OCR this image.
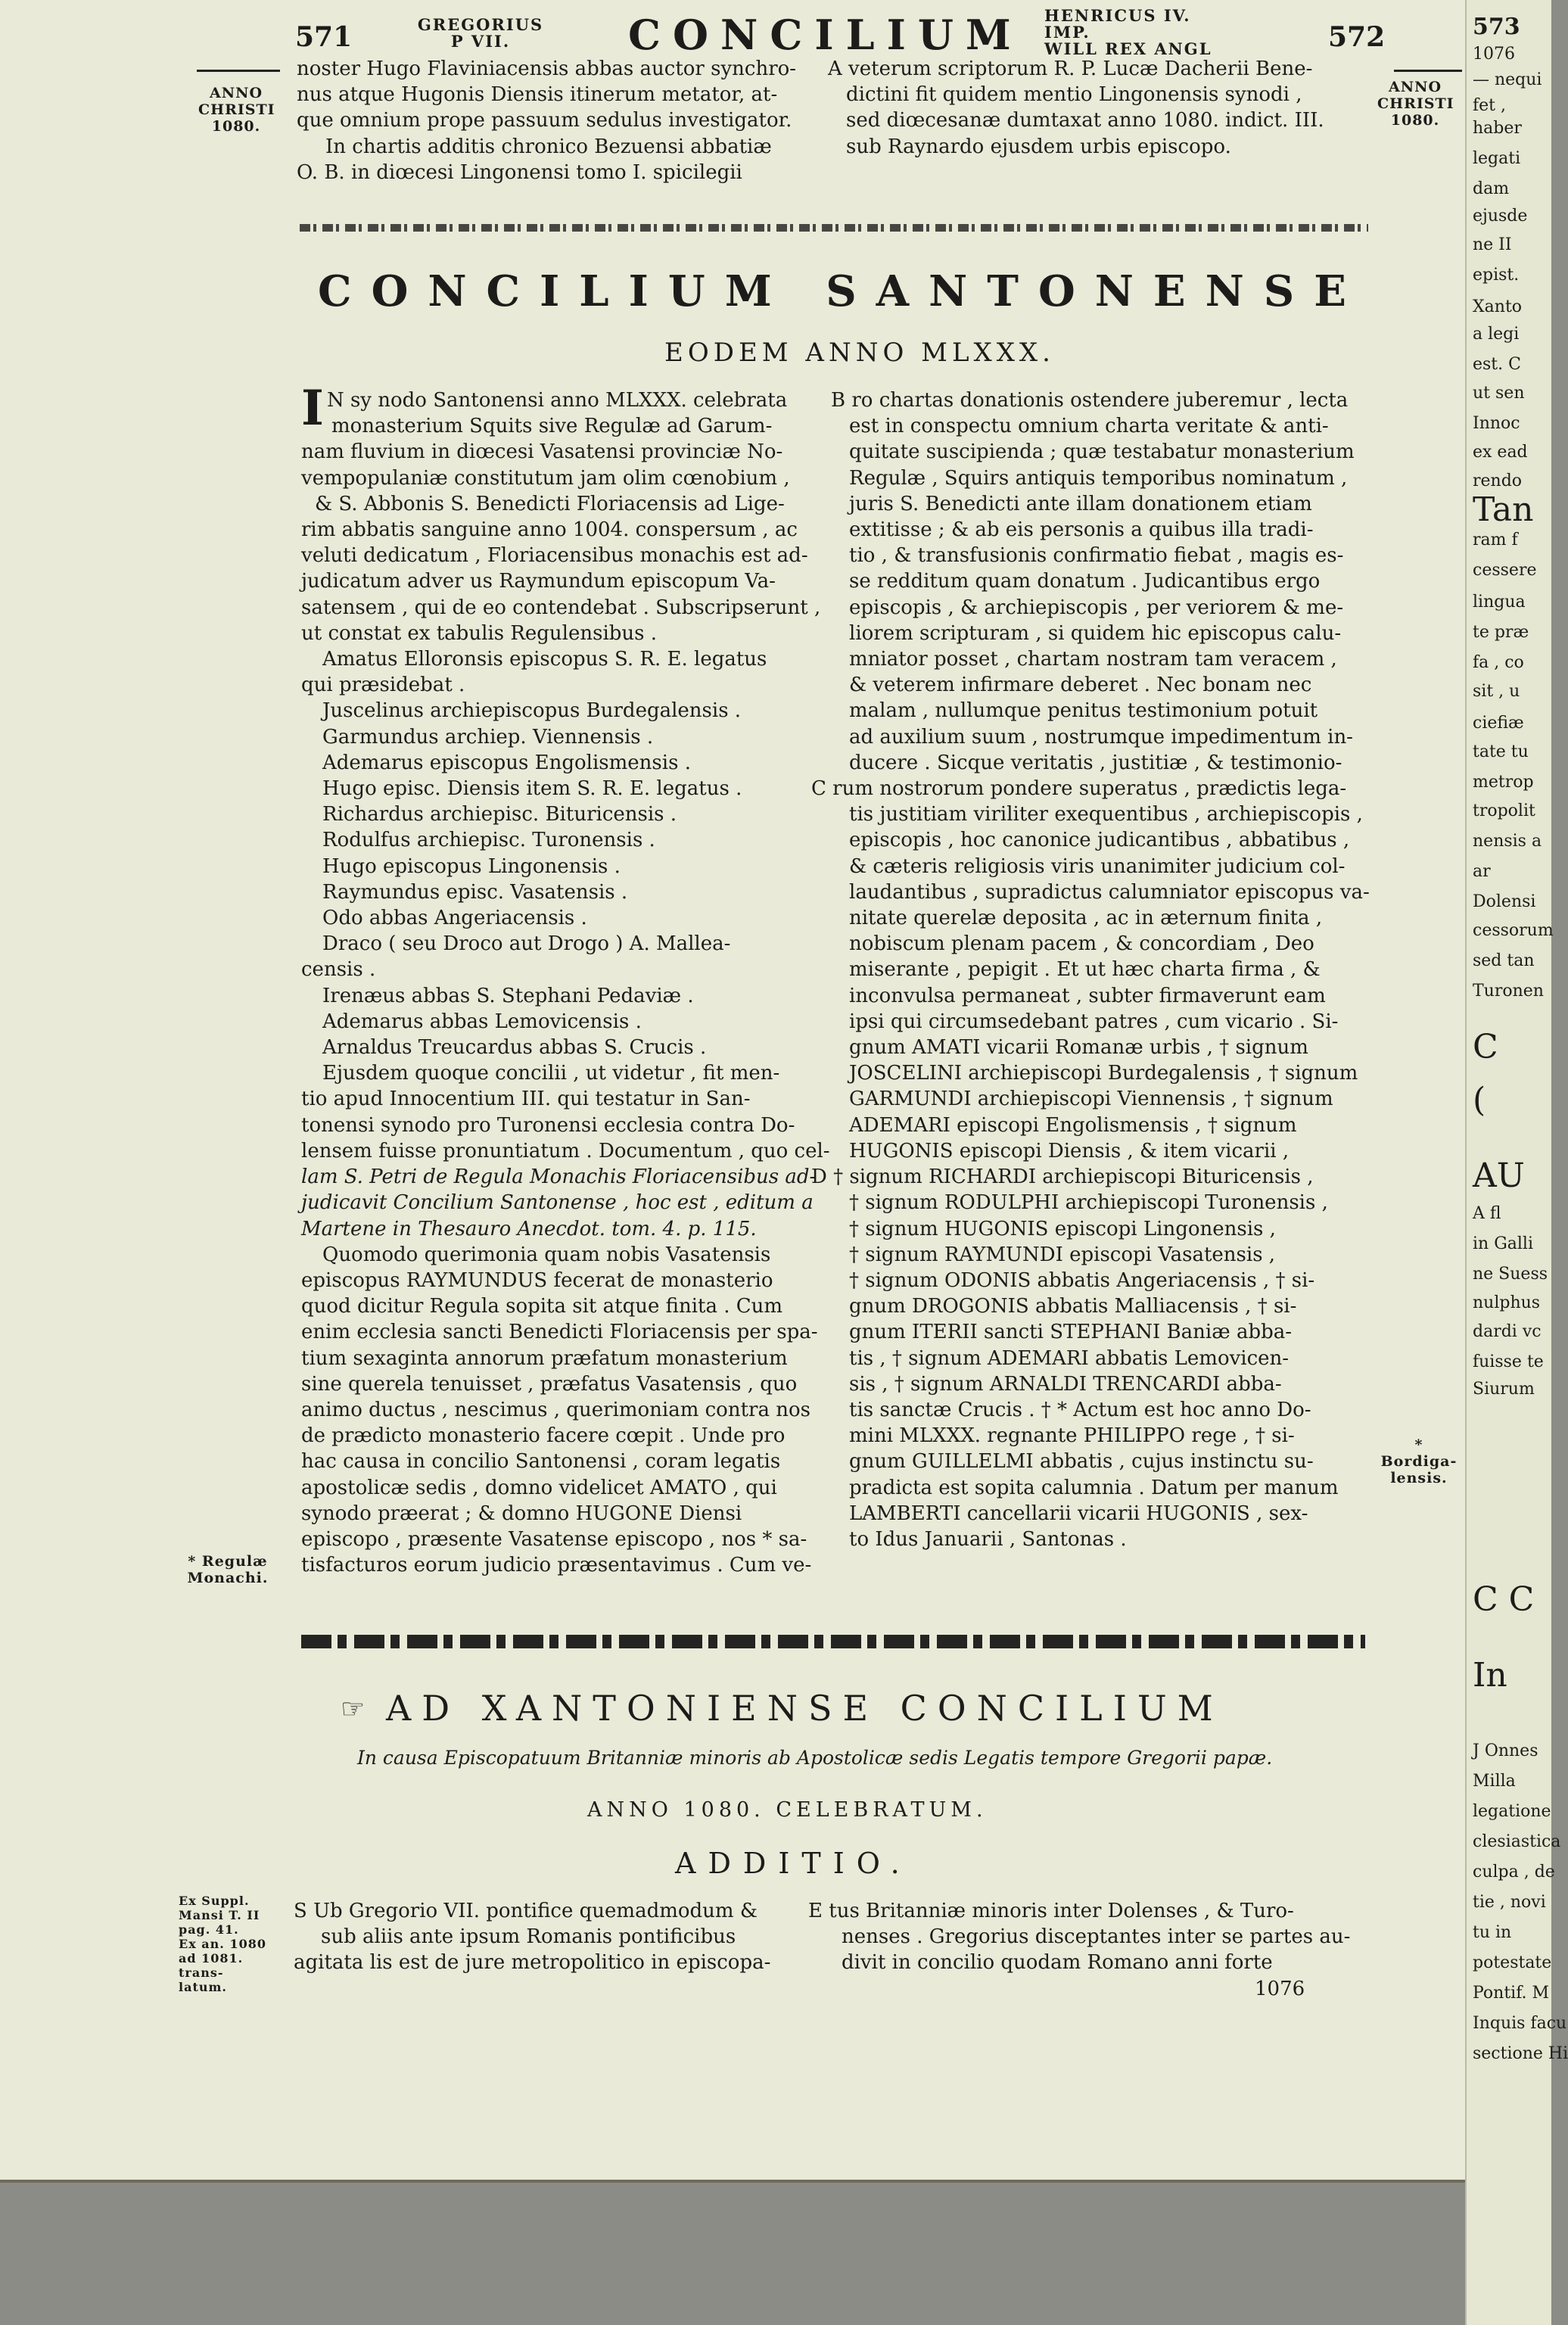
571	GREGORIUS
P VII.	CONCILIUM HENRICUS IV. IMP.
WILL REX ANGL	572
ANNO
CHRISTI
1080.
ANNO
CHRISTI
1080.

noster Hugo Flaviniacensis abbas auctor synchro-

nus atque Hugonis Diensis itinerum metator, at-

que omnium prope passuum sedulus investigator.

In chartis additis chronico Bezuensi abbatiæ

O. B. in diœcesi Lingonensi tomo I. spicilegii

A veterum scriptorum R. P. Lucæ Dacherii Bene-

dictini fit quidem mentio Lingonensis synodi ,

sed diœcesanæ dumtaxat anno 1080. indict. III.

sub Raynardo ejusdem urbis episcopo.

CONCILIUM SANTONENSE
EODEM ANNO MLXXX.

I N sy nodo Santonensi anno MLXXX. celebrata

monasterium Squits sive Regulæ ad Garum-

nam fluvium in diœcesi Vasatensi provinciæ No-

vempopulaniæ constitutum jam olim cœnobium ,

& S. Abbonis S. Benedicti Floriacensis ad Lige-

rim abbatis sanguine anno 1004. conspersum , ac

veluti dedicatum , Floriacensibus monachis est ad-

judicatum adver us Raymundum episcopum Va-

satensem , qui de eo contendebat . Subscripserunt ,

ut constat ex tabulis Regulensibus .

Amatus Elloronsis episcopus S. R. E. legatus

qui præsidebat .

Juscelinus archiepiscopus Burdegalensis .

Garmundus archiep. Viennensis .

Ademarus episcopus Engolismensis .

Hugo episc. Diensis item S. R. E. legatus .

Richardus archiepisc. Bituricensis .

Rodulfus archiepisc. Turonensis .

Hugo episcopus Lingonensis .

Raymundus episc. Vasatensis .

Odo abbas Angeriacensis .

Draco ( seu Droco aut Drogo ) A. Mallea-

censis .

Irenæus abbas S. Stephani Pedaviæ .

Ademarus abbas Lemovicensis .

Arnaldus Treucardus abbas S. Crucis .

Ejusdem quoque concilii , ut videtur , fit men-

tio apud Innocentium III. qui testatur in San-

tonensi synodo pro Turonensi ecclesia contra Do-

lensem fuisse pronuntiatum . Documentum , quo cel-

lam S. Petri de Regula Monachis Floriacensibus ad-

judicavit Concilium Santonense , hoc est , editum a

Martene in Thesauro Anecdot. tom. 4. p. 115.

Quomodo querimonia quam nobis Vasatensis

episcopus RAYMUNDUS fecerat de monasterio

quod dicitur Regula sopita sit atque finita . Cum

enim ecclesia sancti Benedicti Floriacensis per spa-

tium sexaginta annorum præfatum monasterium

sine querela tenuisset , præfatus Vasatensis , quo

animo ductus , nescimus , querimoniam contra nos

de prædicto monasterio facere cœpit . Unde pro

hac causa in concilio Santonensi , coram legatis

apostolicæ sedis , domno videlicet AMATO , qui

synodo præerat ; & domno HUGONE Diensi

episcopo , præsente Vasatense episcopo , nos * sa-

tisfacturos eorum judicio præsentavimus . Cum ve-

B ro chartas donationis ostendere juberemur , lecta

est in conspectu omnium charta veritate & anti-

quitate suscipienda ; quæ testabatur monasterium

Regulæ , Squirs antiquis temporibus nominatum ,

juris S. Benedicti ante illam donationem etiam

extitisse ; & ab eis personis a quibus illa tradi-

tio , & transfusionis confirmatio fiebat , magis es-

se redditum quam donatum . Judicantibus ergo

episcopis , & archiepiscopis , per veriorem & me-

liorem scripturam , si quidem hic episcopus calu-

mniator posset , chartam nostram tam veracem ,

& veterem infirmare deberet . Nec bonam nec

malam , nullumque penitus testimonium potuit

ad auxilium suum , nostrumque impedimentum in-

ducere . Sicque veritatis , justitiæ , & testimonio-

C rum nostrorum pondere superatus , prædictis lega-

tis justitiam viriliter exequentibus , archiepiscopis ,

episcopis , hoc canonice judicantibus , abbatibus ,

& cæteris religiosis viris unanimiter judicium col-

laudantibus , supradictus calumniator episcopus va-

nitate querelæ deposita , ac in æternum finita ,

nobiscum plenam pacem , & concordiam , Deo

miserante , pepigit . Et ut hæc charta firma , &

inconvulsa permaneat , subter firmaverunt eam

ipsi qui circumsedebant patres , cum vicario . Si-

gnum AMATI vicarii Romanæ urbis , † signum

JOSCELINI archiepiscopi Burdegalensis , † signum

GARMUNDI archiepiscopi Viennensis , † signum

ADEMARI episcopi Engolismensis , † signum

HUGONIS episcopi Diensis , & item vicarii ,

D † signum RICHARDI archiepiscopi Bituricensis ,

† signum RODULPHI archiepiscopi Turonensis ,

† signum HUGONIS episcopi Lingonensis ,

† signum RAYMUNDI episcopi Vasatensis ,

† signum ODONIS abbatis Angeriacensis , † si-

gnum DROGONIS abbatis Malliacensis , † si-

gnum ITERII sancti STEPHANI Baniæ abba-

tis , † signum ADEMARI abbatis Lemovicen-

sis , † signum ARNALDI TRENCARDI abba-

tis sanctæ Crucis . † * Actum est hoc anno Do-

mini MLXXX. regnante PHILIPPO rege , † si-

gnum GUILLELMI abbatis , cujus instinctu su-

pradicta est sopita calumnia . Datum per manum

LAMBERTI cancellarii vicarii HUGONIS , sex-

to Idus Januarii , Santonas .

* Regulæ
Monachi.
* Bordiga-
lensis.
☞ AD XANTONIENSE CONCILIUM
In causa Episcopatuum Britanniæ minoris ab Apostolicæ sedis Legatis tempore Gregorii papæ.
ANNO 1080. CELEBRATUM.
ADDITIO.
Ex Suppl.
Mansi T. II
pag. 41.
Ex an. 1080
ad 1081. trans-
latum.

S Ub Gregorio VII. pontifice quemadmodum &

sub aliis ante ipsum Romanis pontificibus

agitata lis est de jure metropolitico in episcopa-

E tus Britanniæ minoris inter Dolenses , & Turo-

nenses . Gregorius disceptantes inter se partes au-

divit in concilio quodam Romano anni forte

1076

573
1076
— nequi
fet ,
haber
legati
dam
ejusde
ne II
epist.
Xanto
a legi
est. C
ut sen
Innoc
ex ead
rendo
Tan
ram f
cessere
lingua
te præ
fa , co
sit , u
ciefiæ
tate tu
metrop
tropolit
nensis a
ar
Dolensi
cessorum
sed tan
Turonen
C
(
AU
A fl
in Galli
ne Suess
nulphus
dardi vc
fuisse te
Siurum
C C
In
J Onnes
Milla
legatione
clesiastica
culpa , de
tie , novi
tu in
potestate
Pontif. M
Inquis facu
sectione Hi
